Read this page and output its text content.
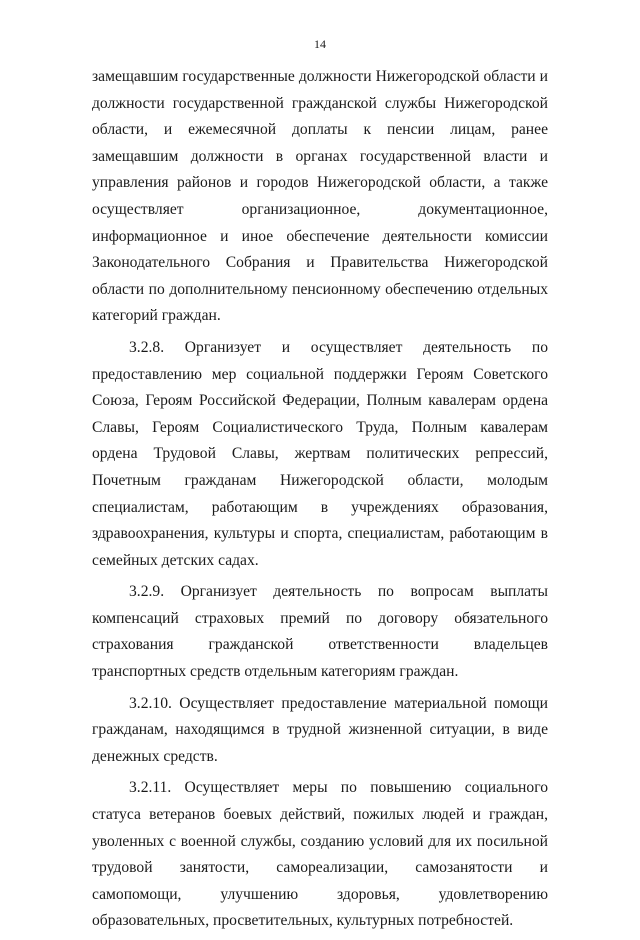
14

замещавшим государственные должности Нижегородской области и должности государственной гражданской службы Нижегородской области, и ежемесячной доплаты к пенсии лицам, ранее замещавшим должности в органах государственной власти и управления районов и городов Нижегородской области, а также осуществляет организационное, документационное, информационное и иное обеспечение деятельности комиссии Законодательного Собрания и Правительства Нижегородской области по дополнительному пенсионному обеспечению отдельных категорий граждан.

3.2.8. Организует и осуществляет деятельность по предоставлению мер социальной поддержки Героям Советского Союза, Героям Российской Федерации, Полным кавалерам ордена Славы, Героям Социалистического Труда, Полным кавалерам ордена Трудовой Славы, жертвам политических репрессий, Почетным гражданам Нижегородской области, молодым специалистам, работающим в учреждениях образования, здравоохранения, культуры и спорта, специалистам, работающим в семейных детских садах.

3.2.9. Организует деятельность по вопросам выплаты компенсаций страховых премий по договору обязательного страхования гражданской ответственности владельцев транспортных средств отдельным категориям граждан.

3.2.10. Осуществляет предоставление материальной помощи гражданам, находящимся в трудной жизненной ситуации, в виде денежных средств.

3.2.11. Осуществляет меры по повышению социального статуса ветеранов боевых действий, пожилых людей и граждан, уволенных с военной службы, созданию условий для их посильной трудовой занятости, самореализации, самозанятости и самопомощи, улучшению здоровья, удовлетворению образовательных, просветительных, культурных потребностей.
